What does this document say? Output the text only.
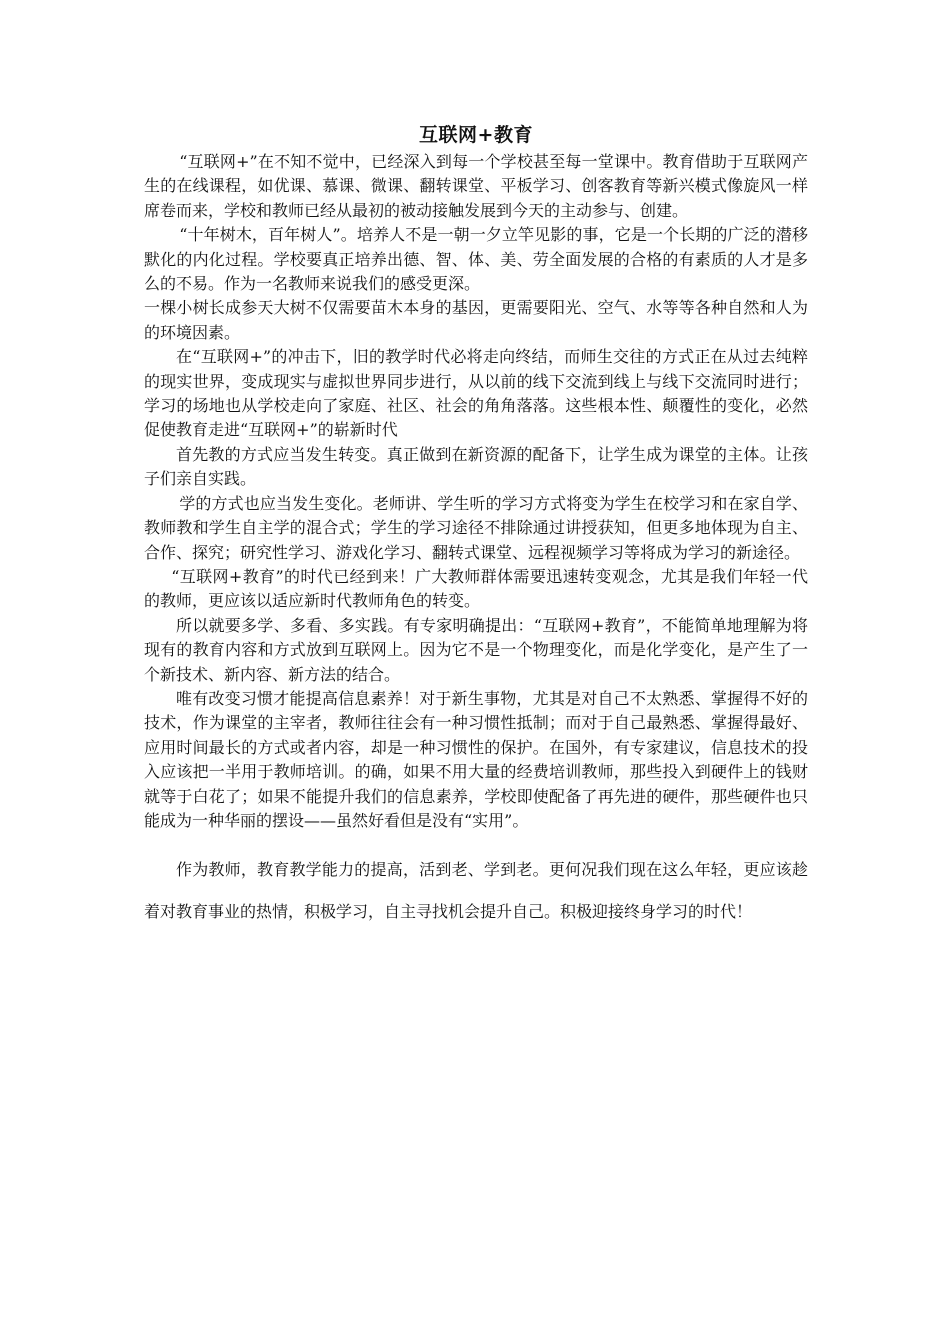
互联网+教育

“互联网+”在不知不觉中，已经深入到每一个学校甚至每一堂课中。教育借助于互联网产生的在线课程，如优课、慕课、微课、翻转课堂、平板学习、创客教育等新兴模式像旋风一样席卷而来，学校和教师已经从最初的被动接触发展到今天的主动参与、创建。

“十年树木，百年树人”。培养人不是一朝一夕立竿见影的事，它是一个长期的广泛的潜移默化的内化过程。学校要真正培养出德、智、体、美、劳全面发展的合格的有素质的人才是多么的不易。作为一名教师来说我们的感受更深。

一棵小树长成参天大树不仅需要苗木本身的基因，更需要阳光、空气、水等等各种自然和人为的环境因素。

在“互联网+”的冲击下，旧的教学时代必将走向终结，而师生交往的方式正在从过去纯粹的现实世界，变成现实与虚拟世界同步进行，从以前的线下交流到线上与线下交流同时进行；学习的场地也从学校走向了家庭、社区、社会的角角落落。这些根本性、颠覆性的变化，必然促使教育走进“互联网+”的崭新时代

首先教的方式应当发生转变。真正做到在新资源的配备下，让学生成为课堂的主体。让孩子们亲自实践。

学的方式也应当发生变化。老师讲、学生听的学习方式将变为学生在校学习和在家自学、教师教和学生自主学的混合式；学生的学习途径不排除通过讲授获知，但更多地体现为自主、合作、探究；研究性学习、游戏化学习、翻转式课堂、远程视频学习等将成为学习的新途径。

“互联网+教育”的时代已经到来！广大教师群体需要迅速转变观念，尤其是我们年轻一代的教师，更应该以适应新时代教师角色的转变。

所以就要多学、多看、多实践。有专家明确提出：“互联网+教育”，不能简单地理解为将现有的教育内容和方式放到互联网上。因为它不是一个物理变化，而是化学变化，是产生了一个新技术、新内容、新方法的结合。

唯有改变习惯才能提高信息素养！对于新生事物，尤其是对自己不太熟悉、掌握得不好的技术，作为课堂的主宰者，教师往往会有一种习惯性抵制；而对于自己最熟悉、掌握得最好、应用时间最长的方式或者内容，却是一种习惯性的保护。在国外，有专家建议，信息技术的投入应该把一半用于教师培训。的确，如果不用大量的经费培训教师，那些投入到硬件上的钱财就等于白花了；如果不能提升我们的信息素养，学校即使配备了再先进的硬件，那些硬件也只能成为一种华丽的摆设——虽然好看但是没有“实用”。

作为教师，教育教学能力的提高，活到老、学到老。更何况我们现在这么年轻，更应该趁着对教育事业的热情，积极学习，自主寻找机会提升自己。积极迎接终身学习的时代！
